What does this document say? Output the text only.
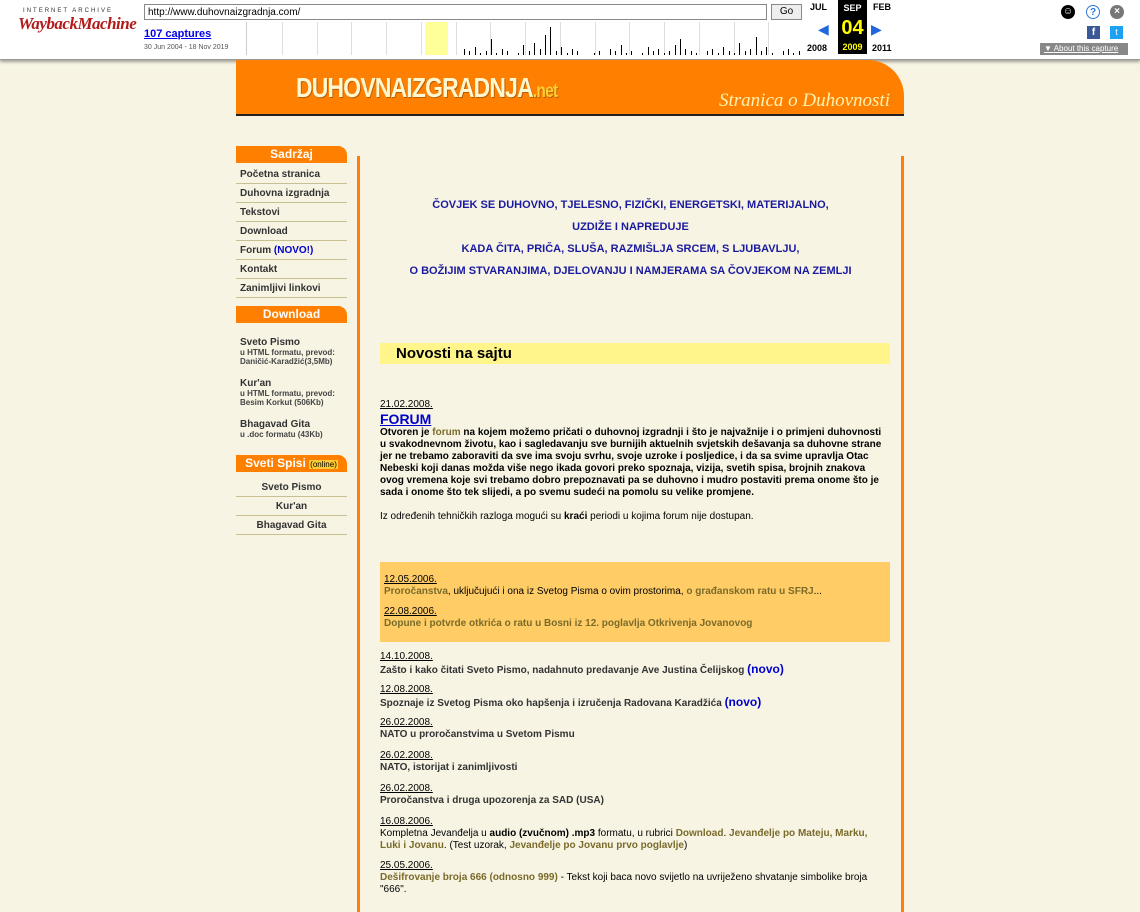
INTERNET ARCHIVE
WaybackMachine
http://www.duhovnaizgradnja.com/
Go
107 captures
30 Jun 2004 - 18 Nov 2019
JUL	SEP	FEB
◀ 04 ▶
2008	2009	2011
☺	?	×
f	t
▼ About this capture
DUHOVNAIZGRADNJA.net	Stranica o Duhovnosti
Sadržaj
Početna stranica
Duhovna izgradnja
Tekstovi
Download
Forum (NOVO!)
Kontakt
Zanimljivi linkovi
Download
Sveto Pismo
u HTML formatu, prevod: Daničić-Karadžić(3,5Mb)
Kur'an
u HTML formatu, prevod: Besim Korkut (506Kb)
Bhagavad Gita
u .doc formatu (43Kb)
Sveti Spisi (online)
Sveto Pismo
Kur'an
Bhagavad Gita
ČOVJEK SE DUHOVNO, TJELESNO, FIZIČKI, ENERGETSKI, MATERIJALNO,
UZDIŽE I NAPREDUJE
KADA ČITA, PRIČA, SLUŠA, RAZMIŠLJA SRCEM, S LJUBAVLJU,
O BOŽIJIM STVARANJIMA, DJELOVANJU I NAMJERAMA SA ČOVJEKOM NA ZEMLJI
Novosti na sajtu
21.02.2008.
FORUM
Otvoren je forum na kojem možemo pričati o duhovnoj izgradnji i što je najvažnije i o primjeni duhovnosti u svakodnevnom životu, kao i sagledavanju sve burnijih aktuelnih svjetskih dešavanja sa duhovne strane jer ne trebamo zaboraviti da sve ima svoju svrhu, svoje uzroke i posljedice, i da sa svime upravlja Otac Nebeski koji danas možda više nego ikada govori preko spoznaja, vizija, svetih spisa, brojnih znakova ovog vremena koje svi trebamo dobro prepoznavati pa se duhovno i mudro postaviti prema onome što je sada i onome što tek slijedi, a po svemu sudeći na pomolu su velike promjene.
Iz određenih tehničkih razloga mogući su kraći periodi u kojima forum nije dostupan.
12.05.2006.
Proročanstva, uključujući i ona iz Svetog Pisma o ovim prostorima, o građanskom ratu u SFRJ...
22.08.2006.
Dopune i potvrde otkrića o ratu u Bosni iz 12. poglavlja Otkrivenja Jovanovog
14.10.2008.
Zašto i kako čitati Sveto Pismo, nadahnuto predavanje Ave Justina Čelijskog (novo)
12.08.2008.
Spoznaje iz Svetog Pisma oko hapšenja i izručenja Radovana Karadžića (novo)
26.02.2008.
NATO u proročanstvima u Svetom Pismu
26.02.2008.
NATO, istorijat i zanimljivosti
26.02.2008.
Proročanstva i druga upozorenja za SAD (USA)
16.08.2006.
Kompletna Jevanđelja u audio (zvučnom) .mp3 formatu, u rubrici Download. Jevanđelje po Mateju, Marku, Luki i Jovanu. (Test uzorak, Jevanđelje po Jovanu prvo poglavlje)
25.05.2006.
Dešifrovanje broja 666 (odnosno 999) - Tekst koji baca novo svijetlo na uvriježeno shvatanje simbolike broja "666".
